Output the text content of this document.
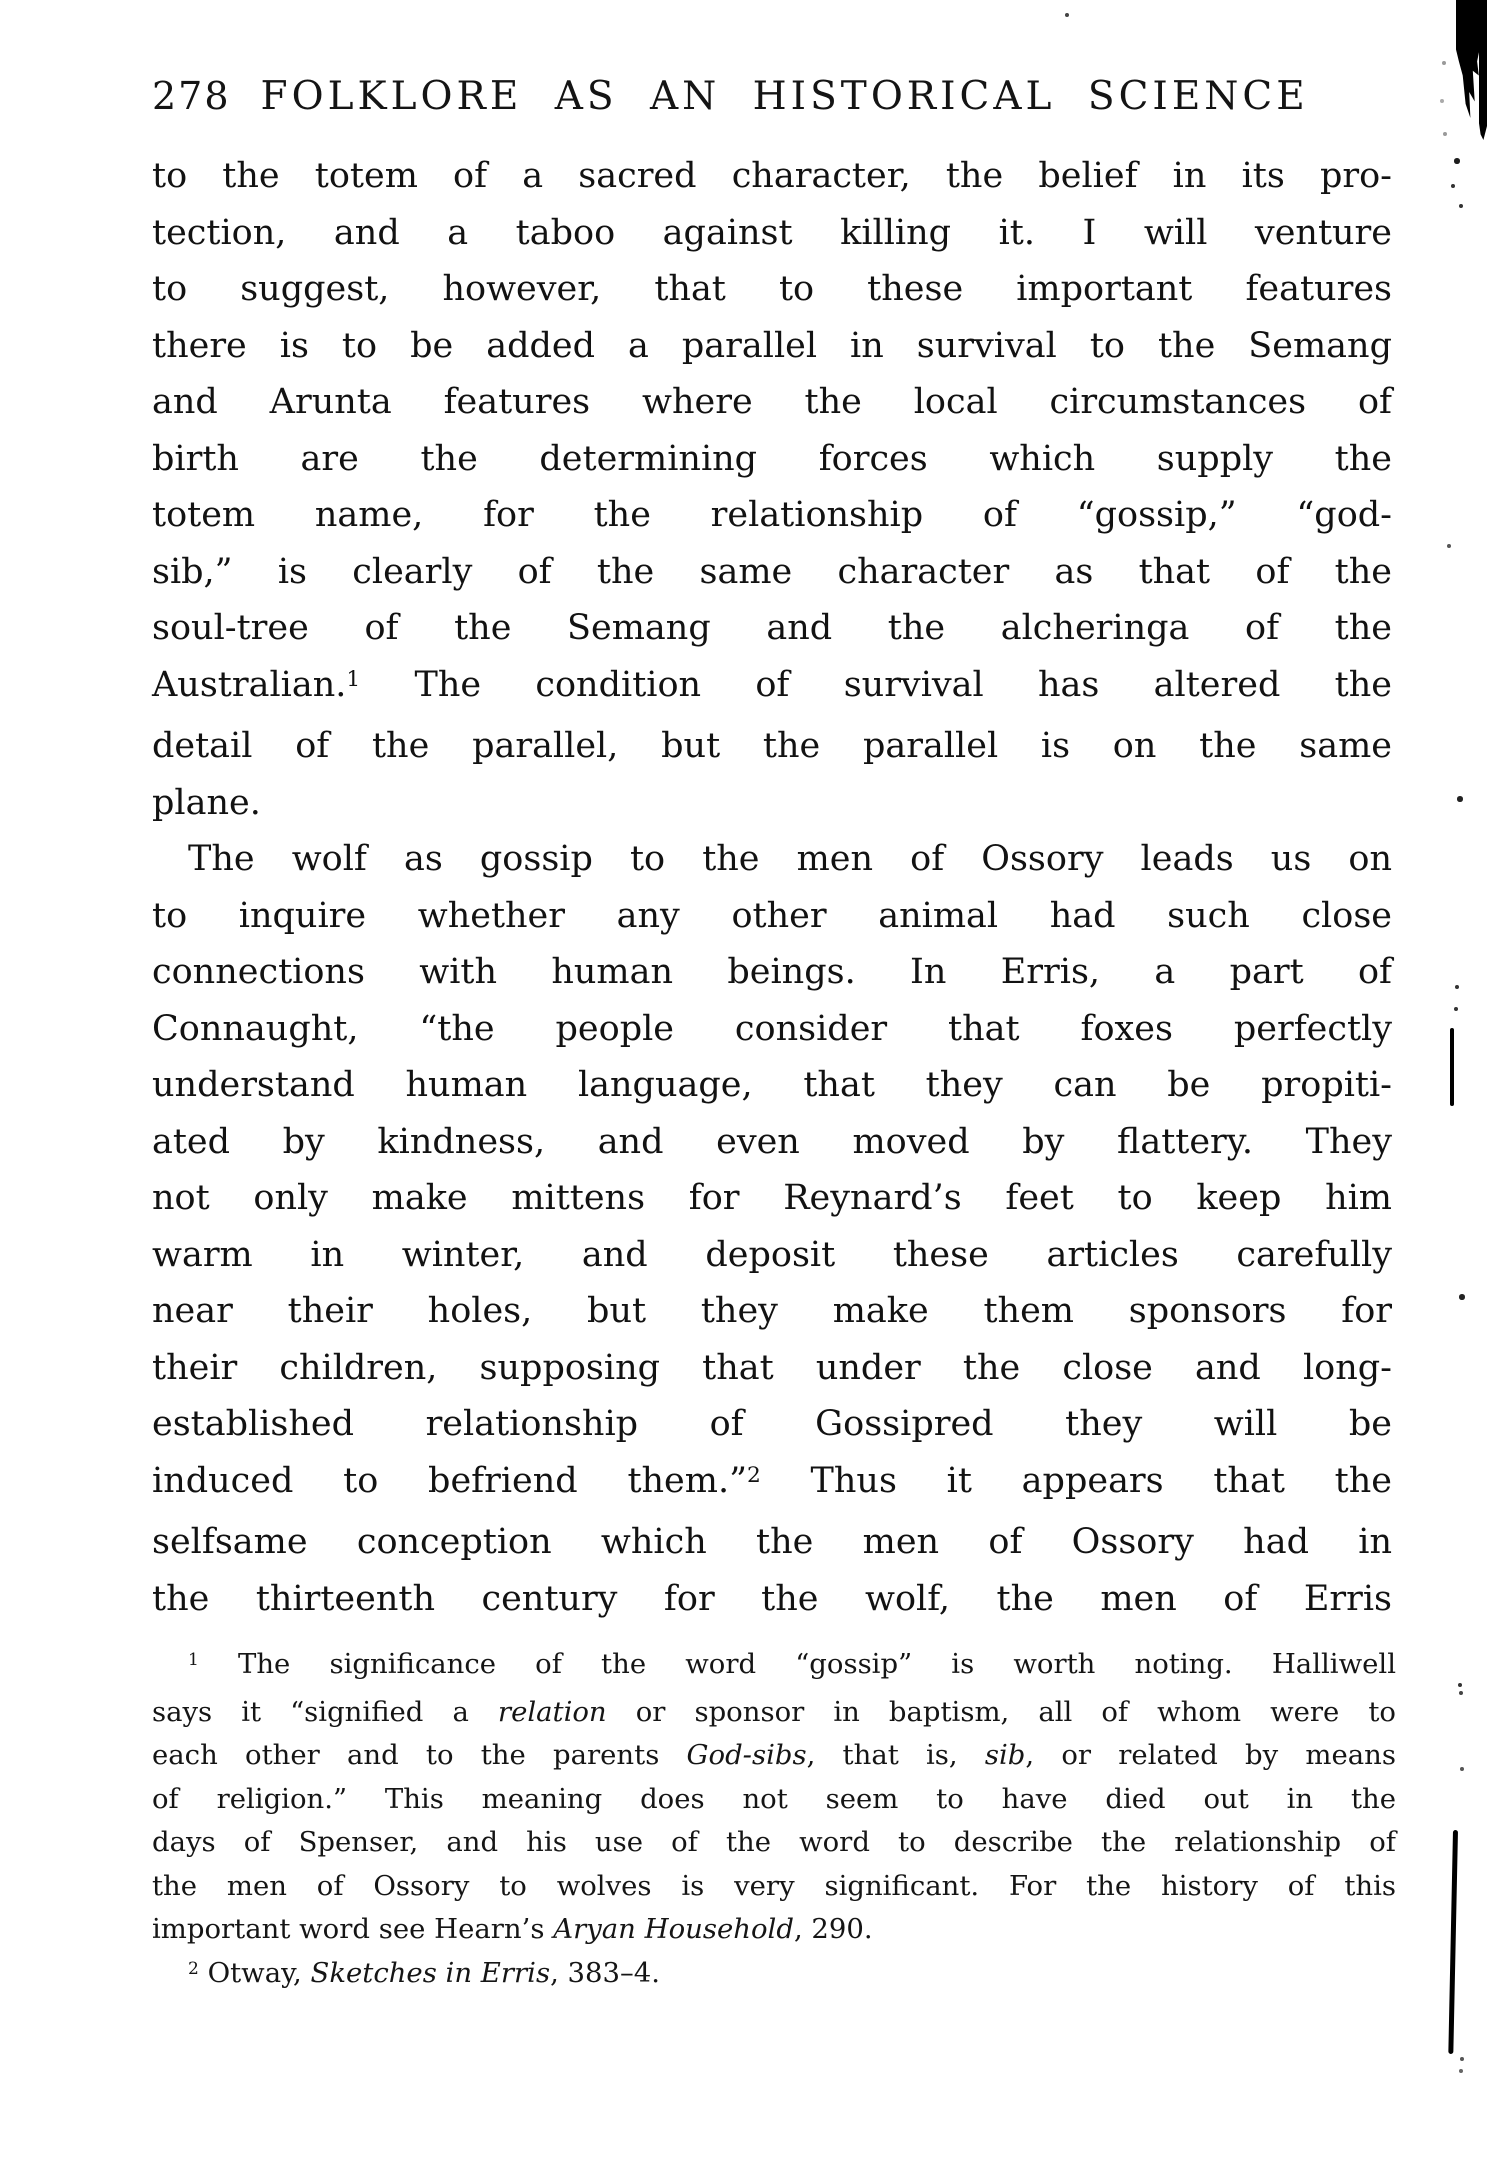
278 FOLKLORE AS AN HISTORICAL SCIENCE
to the totem of a sacred character, the belief in its pro-
tection, and a taboo against killing it. I will venture
to suggest, however, that to these important features
there is to be added a parallel in survival to the Semang
and Arunta features where the local circumstances of
birth are the determining forces which supply the
totem name, for the relationship of “gossip,” “god-
sib,” is clearly of the same character as that of the
soul-tree of the Semang and the alcheringa of the
Australian.$^1$ The condition of survival has altered the
detail of the parallel, but the parallel is on the same
plane.
The wolf as gossip to the men of Ossory leads us on
to inquire whether any other animal had such close
connections with human beings. In Erris, a part of
Connaught, “the people consider that foxes perfectly
understand human language, that they can be propiti-
ated by kindness, and even moved by flattery. They
not only make mittens for Reynard’s feet to keep him
warm in winter, and deposit these articles carefully
near their holes, but they make them sponsors for
their children, supposing that under the close and long-
established relationship of Gossipred they will be
induced to befriend them.”$^2$ Thus it appears that the
selfsame conception which the men of Ossory had in
the thirteenth century for the wolf, the men of Erris
$^1$ The significance of the word “gossip” is worth noting. Halliwell
says it “signified a relation or sponsor in baptism, all of whom were to
each other and to the parents God-sibs, that is, sib, or related by means
of religion.” This meaning does not seem to have died out in the
days of Spenser, and his use of the word to describe the relationship of
the men of Ossory to wolves is very significant. For the history of this
important word see Hearn’s Aryan Household, 290.
$^2$ Otway, Sketches in Erris, 383–4.
